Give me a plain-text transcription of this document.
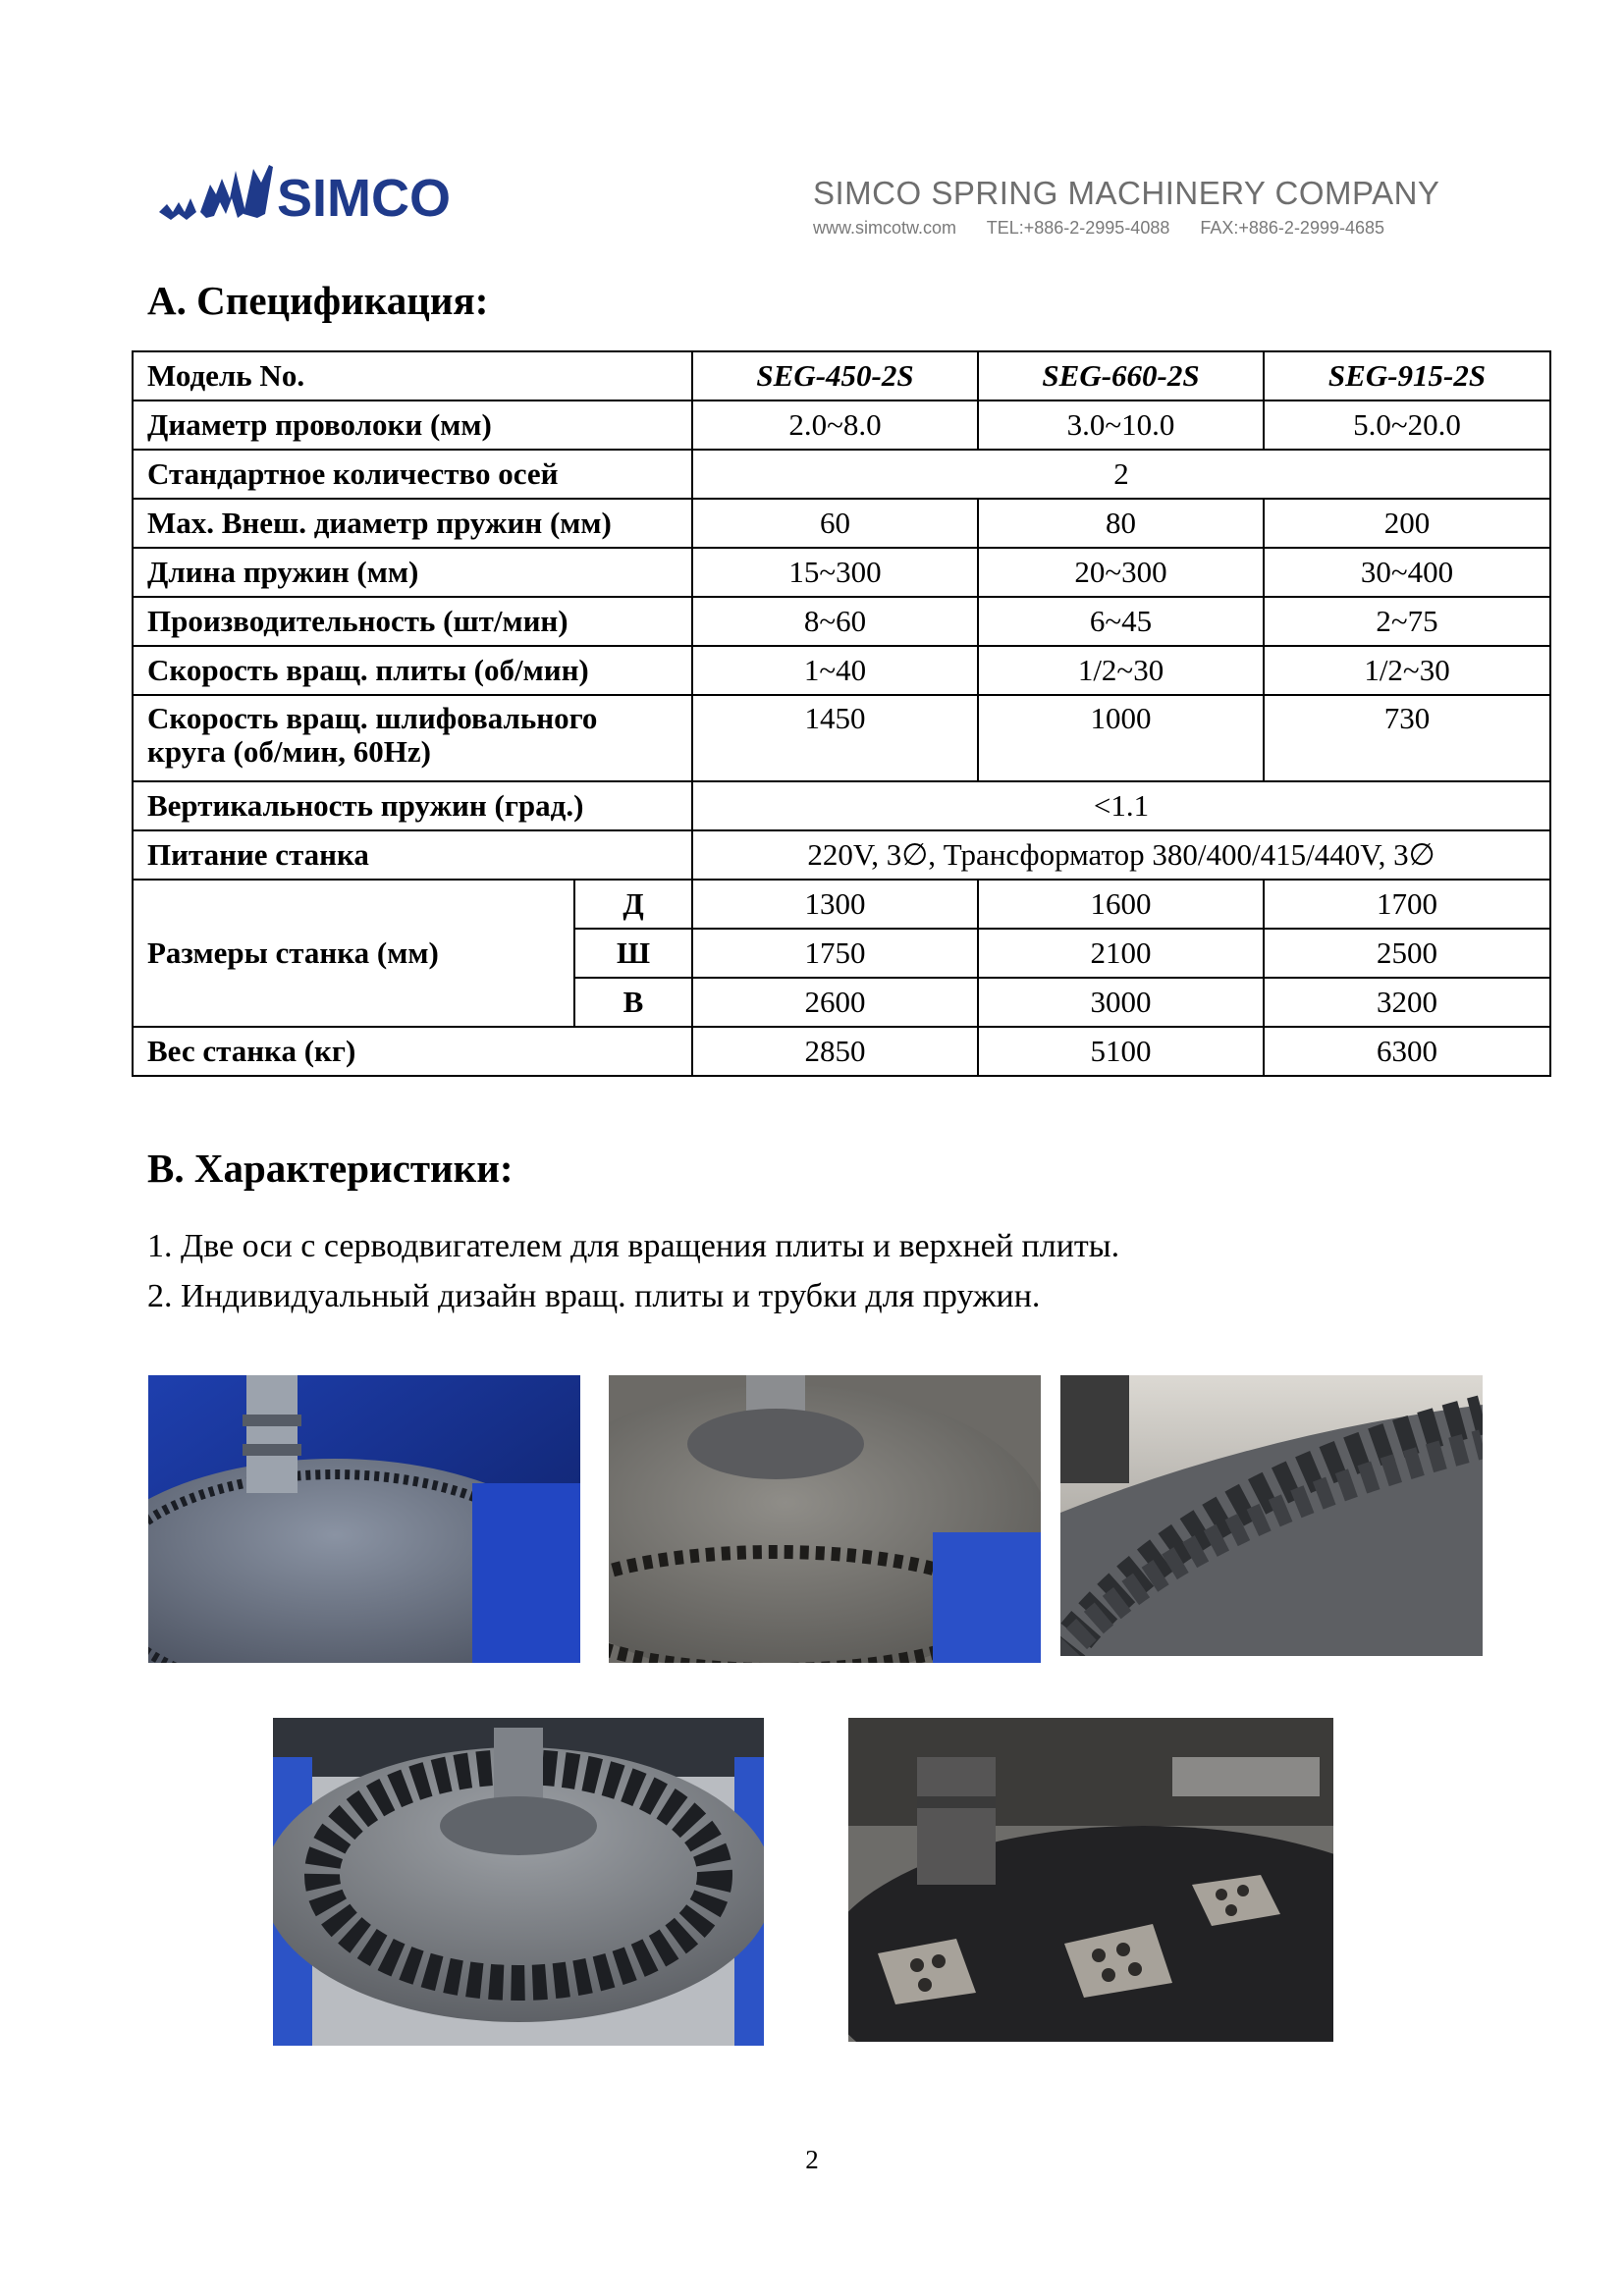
SIMCO	SIMCO SPRING MACHINERY COMPANY
www.simcotw.com TEL:+886-2-2995-4088 FAX:+886-2-2999-4685
A. Спецификация:
Модель No.		SEG-450-2S	SEG-660-2S	SEG-915-2S
Диаметр проволоки (мм)		2.0~8.0	3.0~10.0	5.0~20.0
Стандартное количество осей		2		
Max. Внеш. диаметр пружин (мм)		60	80	200
Длина пружин (мм)		15~300	20~300	30~400
Производительность (шт/мин)		8~60	6~45	2~75
Скорость вращ. плиты (об/мин)		1~40	1/2~30	1/2~30

Скорость вращ. шлифовального
круга (об/мин, 60Hz)		1450	1000	730
Вертикальность пружин (град.)		<1.1		
Питание станка		220V, 3∅, Трансформатор 380/400/415/440V, 3∅		
Размеры станка (мм)	Д	1300	1600	1700
	Ш	1750	2100	2500
	В	2600	3000	3200
Вес станка (кг)		2850	5100	6300
B. Характеристики:
1. Две оси с серводвигателем для вращения плиты и верхней плиты.
2. Индивидуальный дизайн вращ. плиты и трубки для пружин.
2
